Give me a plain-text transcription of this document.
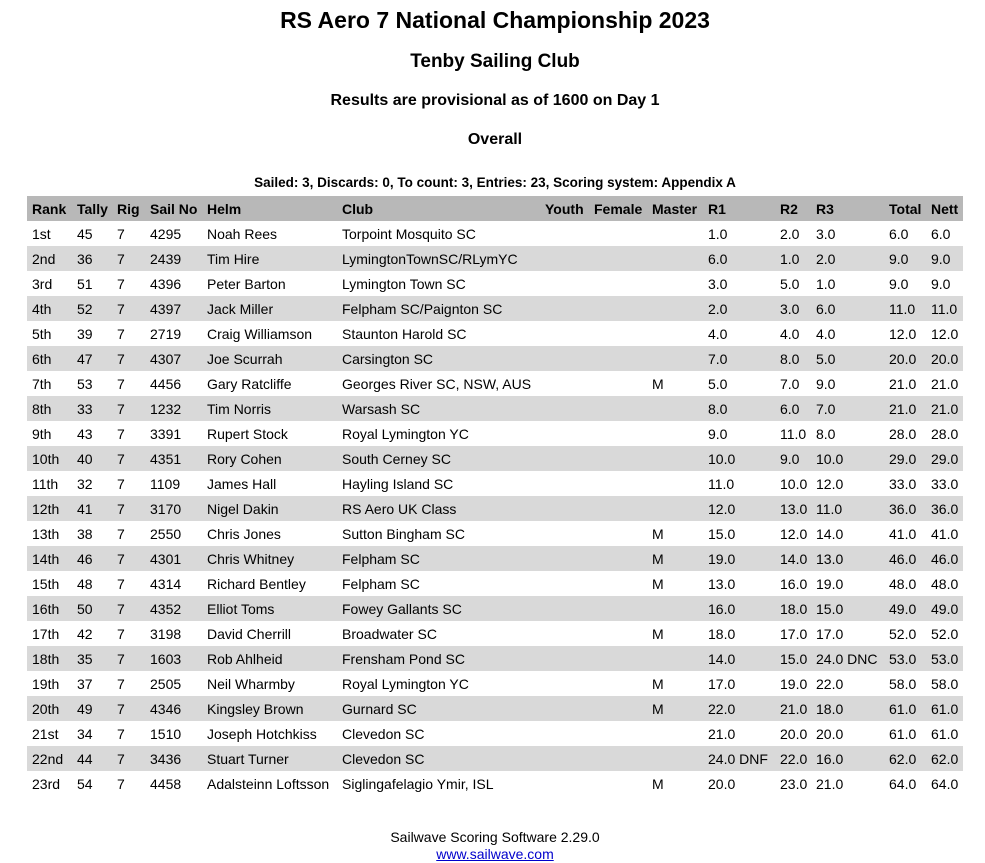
RS Aero 7 National Championship 2023
Tenby Sailing Club
Results are provisional as of 1600 on Day 1
Overall
Sailed: 3, Discards: 0, To count: 3, Entries: 23, Scoring system: Appendix A
Rank	Tally	Rig	Sail No	Helm	Club	Youth	Female	Master	R1	R2	R3	Total	Nett
1st	45	7	4295	Noah Rees	Torpoint Mosquito SC				1.0	2.0	3.0	6.0	6.0
2nd	36	7	2439	Tim Hire	LymingtonTownSC/RLymYC				6.0	1.0	2.0	9.0	9.0
3rd	51	7	4396	Peter Barton	Lymington Town SC				3.0	5.0	1.0	9.0	9.0
4th	52	7	4397	Jack Miller	Felpham SC/Paignton SC				2.0	3.0	6.0	11.0	11.0
5th	39	7	2719	Craig Williamson	Staunton Harold SC				4.0	4.0	4.0	12.0	12.0
6th	47	7	4307	Joe Scurrah	Carsington SC				7.0	8.0	5.0	20.0	20.0
7th	53	7	4456	Gary Ratcliffe	Georges River SC, NSW, AUS			M	5.0	7.0	9.0	21.0	21.0
8th	33	7	1232	Tim Norris	Warsash SC				8.0	6.0	7.0	21.0	21.0
9th	43	7	3391	Rupert Stock	Royal Lymington YC				9.0	11.0	8.0	28.0	28.0
10th	40	7	4351	Rory Cohen	South Cerney SC				10.0	9.0	10.0	29.0	29.0
11th	32	7	1109	James Hall	Hayling Island SC				11.0	10.0	12.0	33.0	33.0
12th	41	7	3170	Nigel Dakin	RS Aero UK Class				12.0	13.0	11.0	36.0	36.0
13th	38	7	2550	Chris Jones	Sutton Bingham SC			M	15.0	12.0	14.0	41.0	41.0
14th	46	7	4301	Chris Whitney	Felpham SC			M	19.0	14.0	13.0	46.0	46.0
15th	48	7	4314	Richard Bentley	Felpham SC			M	13.0	16.0	19.0	48.0	48.0
16th	50	7	4352	Elliot Toms	Fowey Gallants SC				16.0	18.0	15.0	49.0	49.0
17th	42	7	3198	David Cherrill	Broadwater SC			M	18.0	17.0	17.0	52.0	52.0
18th	35	7	1603	Rob Ahlheid	Frensham Pond SC				14.0	15.0	24.0 DNC	53.0	53.0
19th	37	7	2505	Neil Wharmby	Royal Lymington YC			M	17.0	19.0	22.0	58.0	58.0
20th	49	7	4346	Kingsley Brown	Gurnard SC			M	22.0	21.0	18.0	61.0	61.0
21st	34	7	1510	Joseph Hotchkiss	Clevedon SC				21.0	20.0	20.0	61.0	61.0
22nd	44	7	3436	Stuart Turner	Clevedon SC				24.0 DNF	22.0	16.0	62.0	62.0
23rd	54	7	4458	Adalsteinn Loftsson	Siglingafelagio Ymir, ISL			M	20.0	23.0	21.0	64.0	64.0
Sailwave Scoring Software 2.29.0
www.sailwave.com
